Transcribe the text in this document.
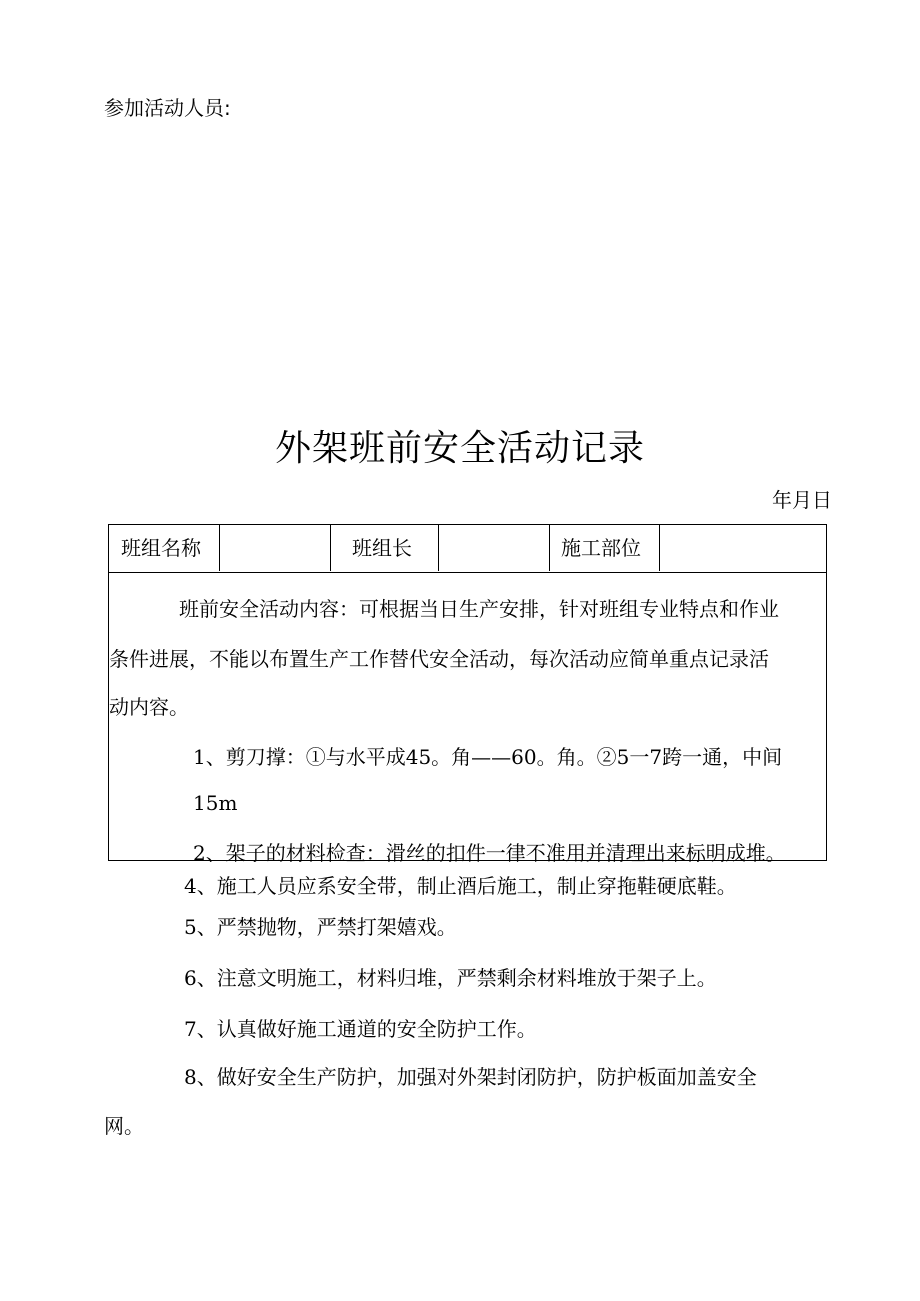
参加活动人员:
外架班前安全活动记录
年月日
班组名称	班组长	施工部位
班前安全活动内容：可根据当日生产安排，针对班组专业特点和作业
条件进展，不能以布置生产工作替代安全活动，每次活动应简单重点记录活
动内容。
1、剪刀撑：①与水平成45。角——60。角。②5一7跨一通，中间
15m
2、架子的材料检查：滑丝的扣件一律不准用并清理出来标明成堆。
4、施工人员应系安全带，制止酒后施工，制止穿拖鞋硬底鞋。
5、严禁抛物，严禁打架嬉戏。
6、注意文明施工，材料归堆，严禁剩余材料堆放于架子上。
7、认真做好施工通道的安全防护工作。
8、做好安全生产防护，加强对外架封闭防护，防护板面加盖安全
网。
